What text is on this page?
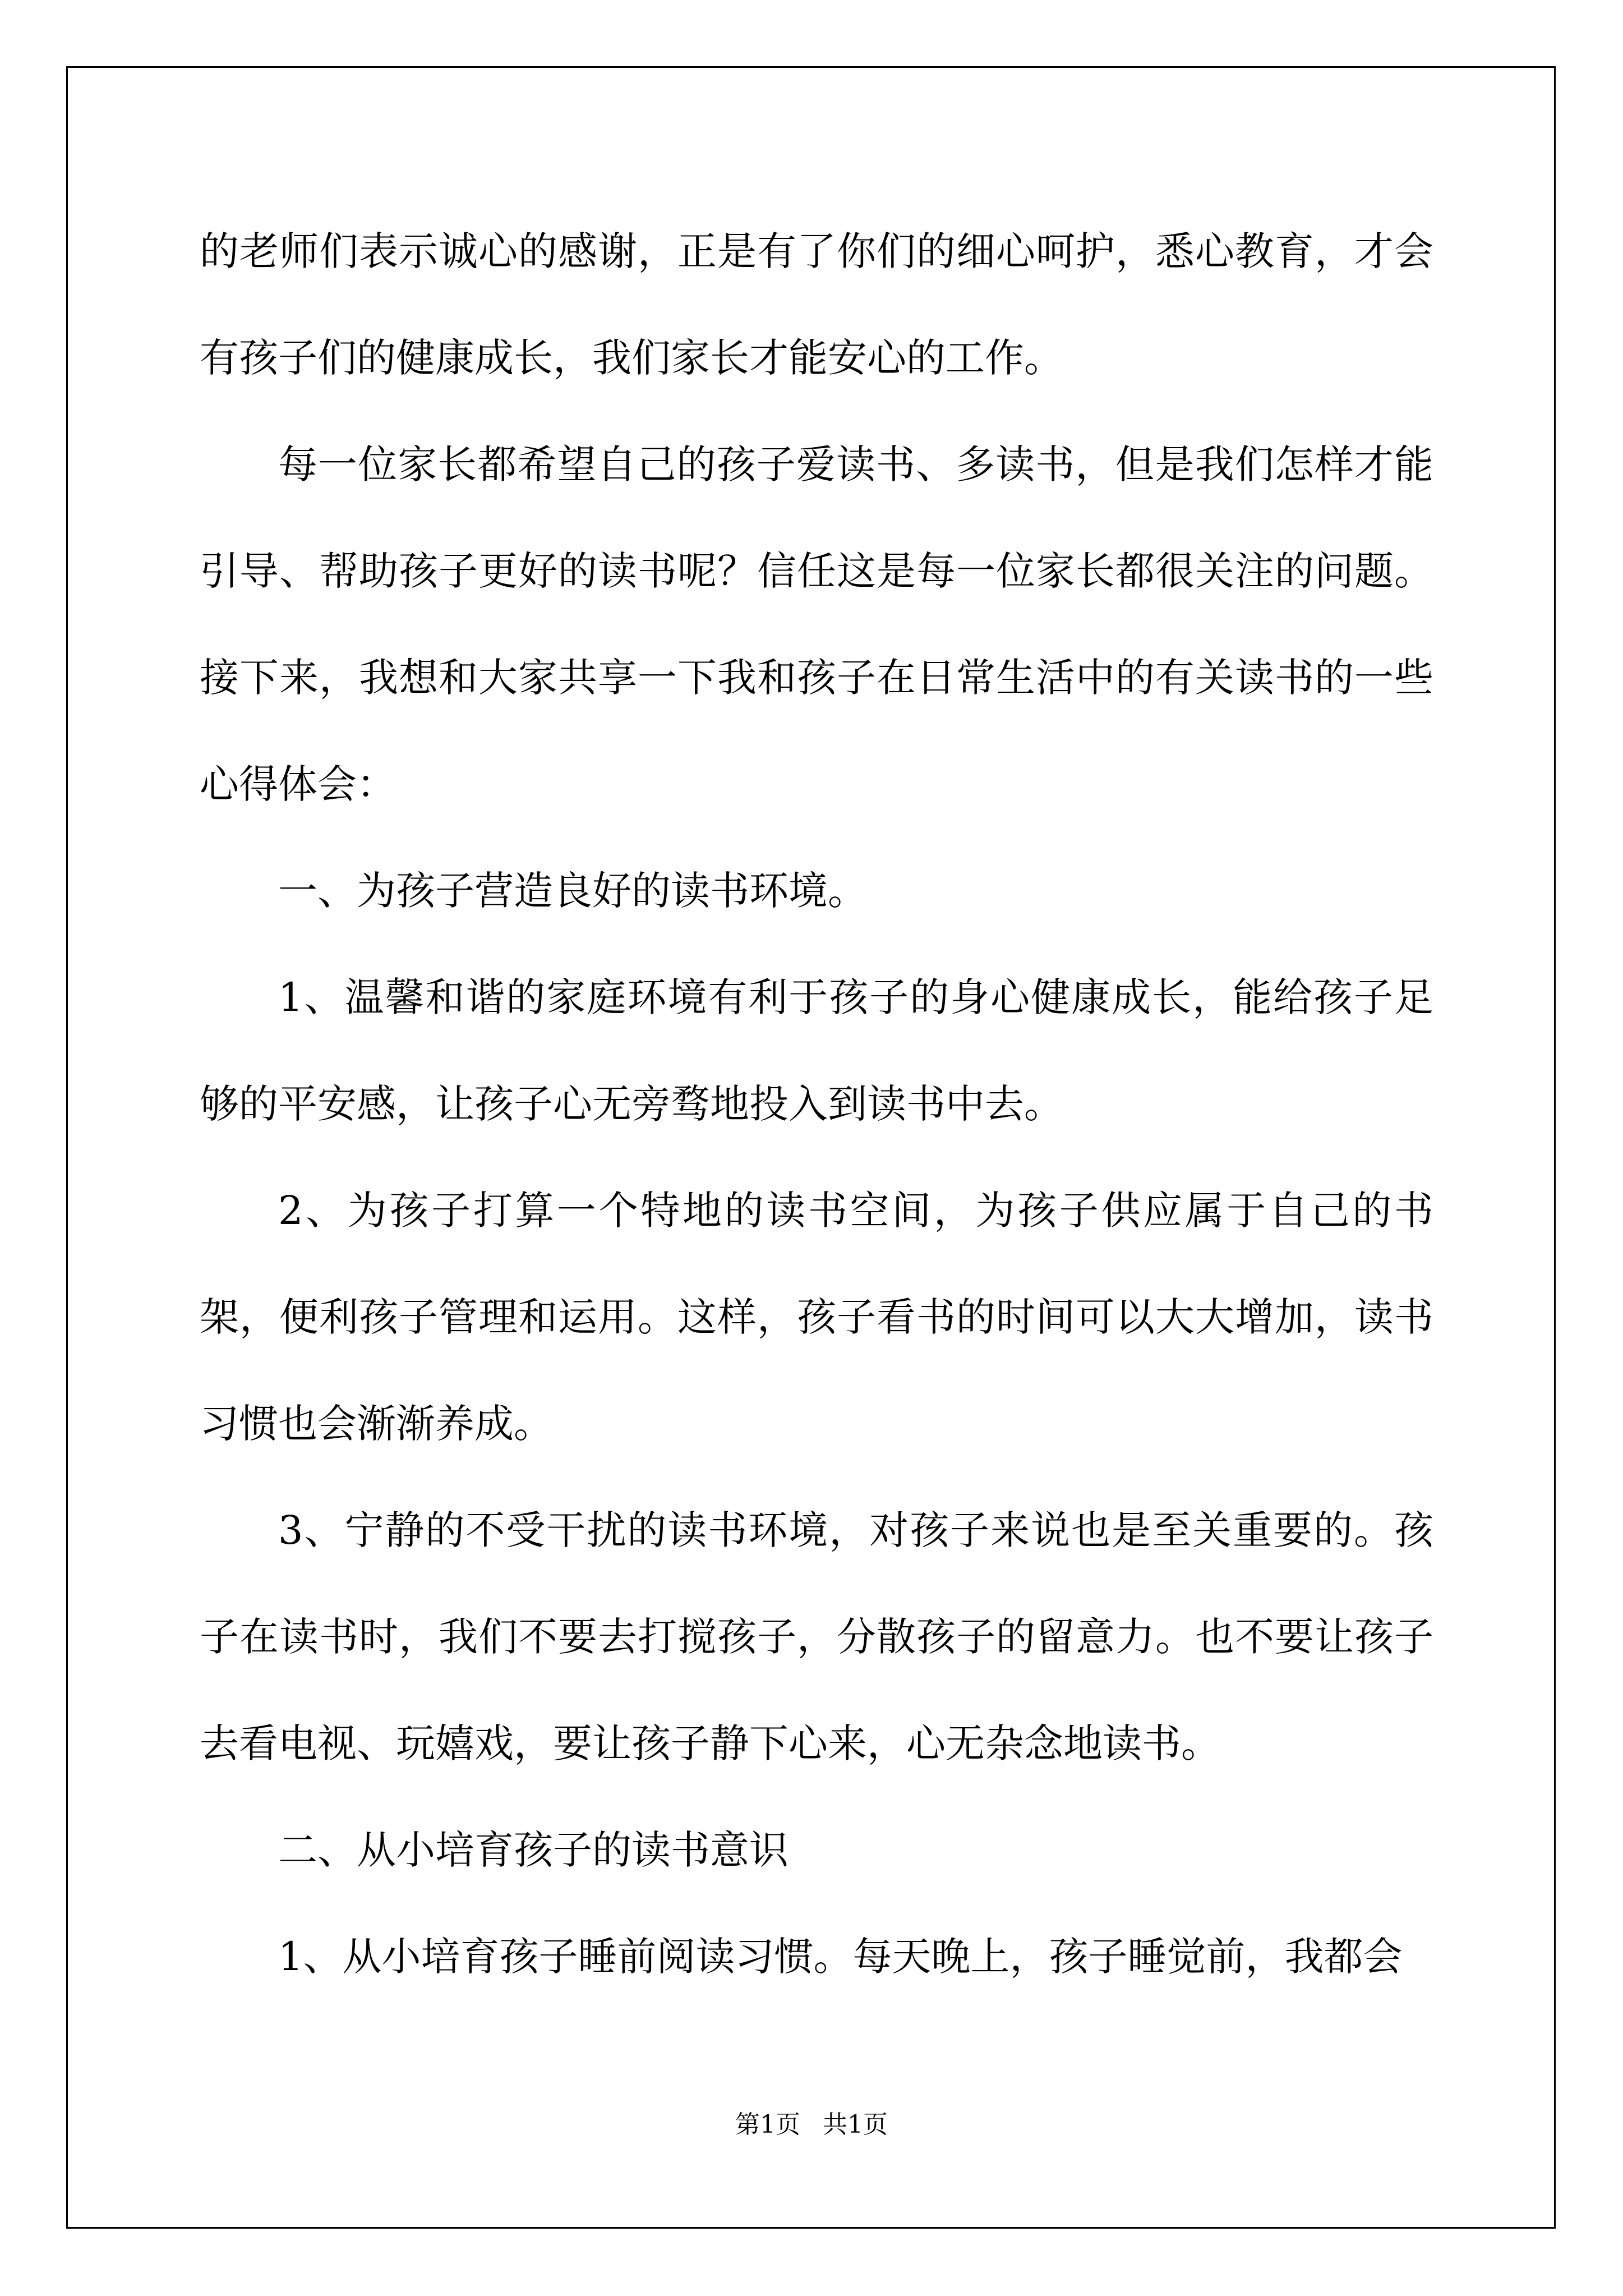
的老师们表示诚心的感谢，正是有了你们的细心呵护，悉心教育，才会有孩子们的健康成长，我们家长才能安心的工作。

每一位家长都希望自己的孩子爱读书、多读书，但是我们怎样才能引导、帮助孩子更好的读书呢？信任这是每一位家长都很关注的问题。接下来，我想和大家共享一下我和孩子在日常生活中的有关读书的一些心得体会：

一、为孩子营造良好的读书环境。

1、温馨和谐的家庭环境有利于孩子的身心健康成长，能给孩子足够的平安感，让孩子心无旁骛地投入到读书中去。

2、为孩子打算一个特地的读书空间，为孩子供应属于自己的书架，便利孩子管理和运用。这样，孩子看书的时间可以大大增加，读书习惯也会渐渐养成。

3、宁静的不受干扰的读书环境，对孩子来说也是至关重要的。孩子在读书时，我们不要去打搅孩子，分散孩子的留意力。也不要让孩子去看电视、玩嬉戏，要让孩子静下心来，心无杂念地读书。

二、从小培育孩子的读书意识

1、从小培育孩子睡前阅读习惯。每天晚上，孩子睡觉前，我都会

第1页 共1页
